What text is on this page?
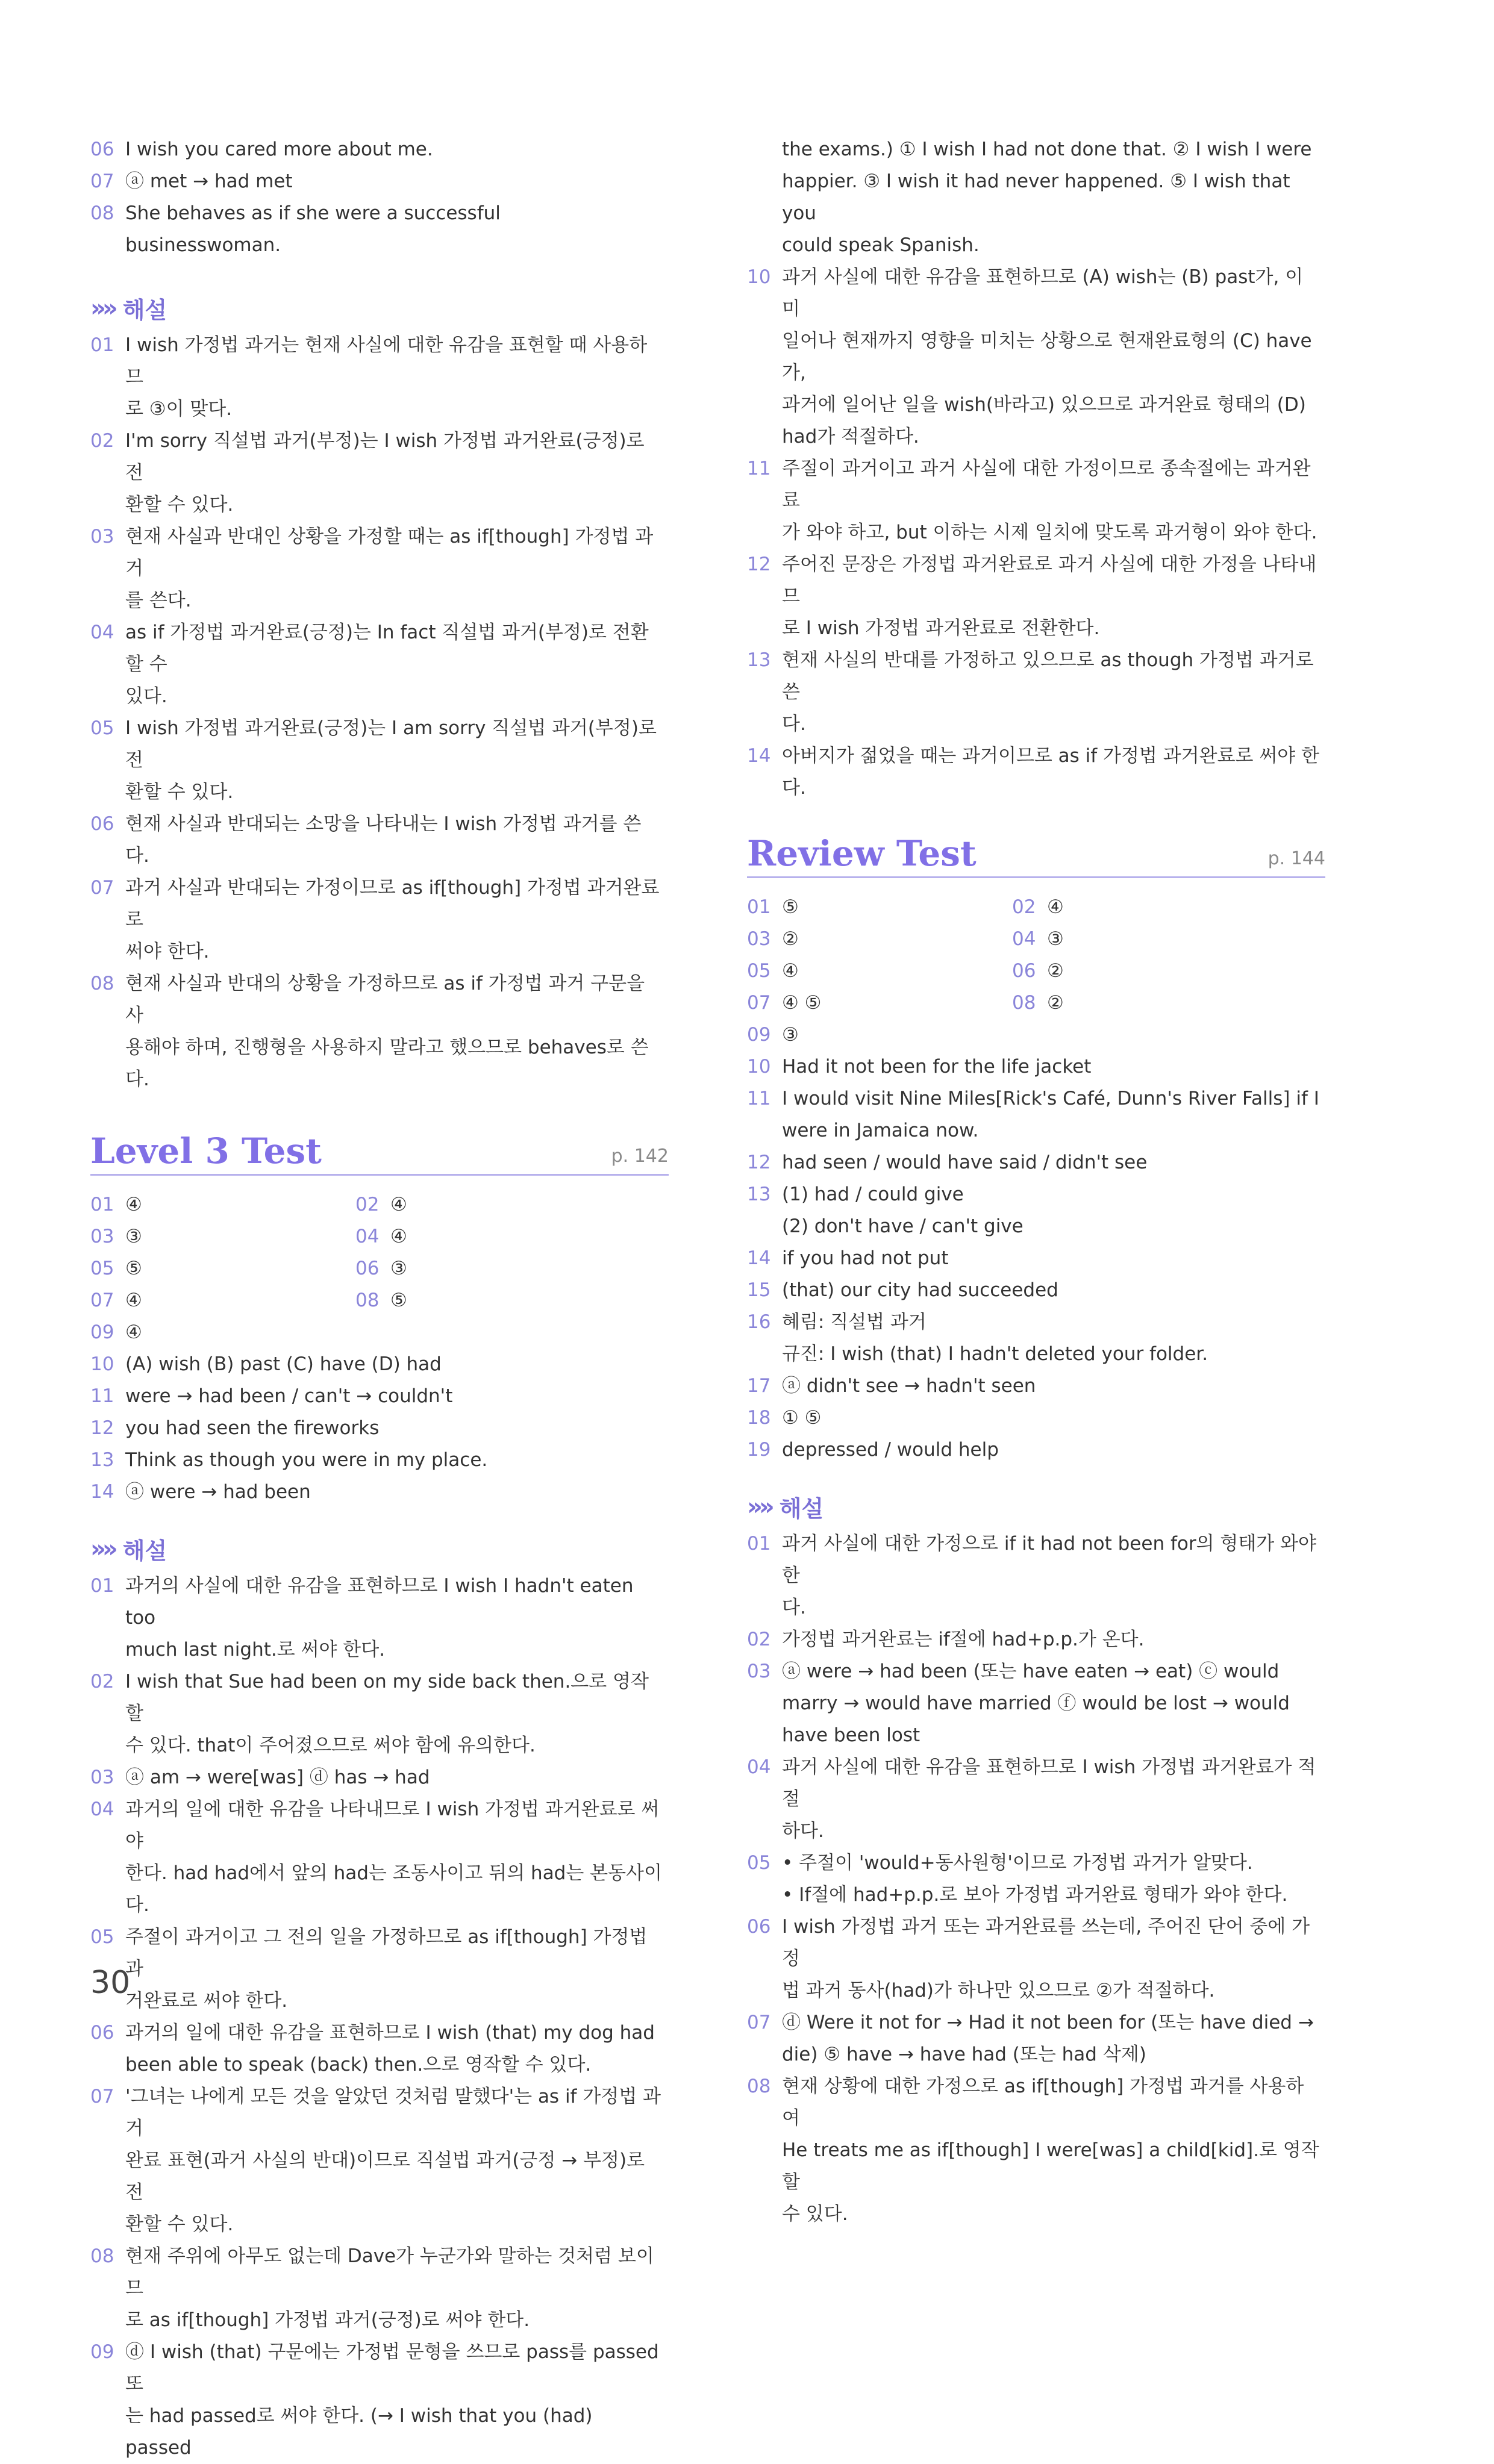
06 I wish you cared more about me.
07 ⓐ met → had met
08 She behaves as if she were a successful
businesswoman.
»» 해설
01 I wish 가정법 과거는 현재 사실에 대한 유감을 표현할 때 사용하므
로 ③이 맞다.
02 I'm sorry 직설법 과거(부정)는 I wish 가정법 과거완료(긍정)로 전
환할 수 있다.
03 현재 사실과 반대인 상황을 가정할 때는 as if[though] 가정법 과거
를 쓴다.
04 as if 가정법 과거완료(긍정)는 In fact 직설법 과거(부정)로 전환할 수
있다.
05 I wish 가정법 과거완료(긍정)는 I am sorry 직설법 과거(부정)로 전
환할 수 있다.
06 현재 사실과 반대되는 소망을 나타내는 I wish 가정법 과거를 쓴다.
07 과거 사실과 반대되는 가정이므로 as if[though] 가정법 과거완료로
써야 한다.
08 현재 사실과 반대의 상황을 가정하므로 as if 가정법 과거 구문을 사
용해야 하며, 진행형을 사용하지 말라고 했으므로 behaves로 쓴다.
Level 3 Test	p. 142
01 ④	02 ④
03 ③	04 ④
05 ⑤	06 ③
07 ④	08 ⑤
09 ④
10 (A) wish (B) past (C) have (D) had
11 were → had been / can't → couldn't
12 you had seen the fireworks
13 Think as though you were in my place.
14 ⓐ were → had been
»» 해설
01 과거의 사실에 대한 유감을 표현하므로 I wish I hadn't eaten too
much last night.로 써야 한다.
02 I wish that Sue had been on my side back then.으로 영작할
수 있다. that이 주어졌으므로 써야 함에 유의한다.
03 ⓐ am → were[was] ⓓ has → had
04 과거의 일에 대한 유감을 나타내므로 I wish 가정법 과거완료로 써야
한다. had had에서 앞의 had는 조동사이고 뒤의 had는 본동사이다.
05 주절이 과거이고 그 전의 일을 가정하므로 as if[though] 가정법 과
거완료로 써야 한다.
06 과거의 일에 대한 유감을 표현하므로 I wish (that) my dog had
been able to speak (back) then.으로 영작할 수 있다.
07 '그녀는 나에게 모든 것을 알았던 것처럼 말했다'는 as if 가정법 과거
완료 표현(과거 사실의 반대)이므로 직설법 과거(긍정 → 부정)로 전
환할 수 있다.
08 현재 주위에 아무도 없는데 Dave가 누군가와 말하는 것처럼 보이므
로 as if[though] 가정법 과거(긍정)로 써야 한다.
09 ⓓ I wish (that) 구문에는 가정법 문형을 쓰므로 pass를 passed 또
는 had passed로 써야 한다. (→ I wish that you (had) passed
the exams.) ① I wish I had not done that. ② I wish I were
happier. ③ I wish it had never happened. ⑤ I wish that you
could speak Spanish.
10 과거 사실에 대한 유감을 표현하므로 (A) wish는 (B) past가, 이미
일어나 현재까지 영향을 미치는 상황으로 현재완료형의 (C) have가,
과거에 일어난 일을 wish(바라고) 있으므로 과거완료 형태의 (D)
had가 적절하다.
11 주절이 과거이고 과거 사실에 대한 가정이므로 종속절에는 과거완료
가 와야 하고, but 이하는 시제 일치에 맞도록 과거형이 와야 한다.
12 주어진 문장은 가정법 과거완료로 과거 사실에 대한 가정을 나타내므
로 I wish 가정법 과거완료로 전환한다.
13 현재 사실의 반대를 가정하고 있으므로 as though 가정법 과거로 쓴
다.
14 아버지가 젊었을 때는 과거이므로 as if 가정법 과거완료로 써야 한다.
Review Test	p. 144
01 ⑤	02 ④
03 ②	04 ③
05 ④	06 ②
07 ④ ⑤	08 ②
09 ③
10 Had it not been for the life jacket
11 I would visit Nine Miles[Rick's Café, Dunn's River Falls] if I
were in Jamaica now.
12 had seen / would have said / didn't see
13 (1) had / could give
(2) don't have / can't give
14 if you had not put
15 (that) our city had succeeded
16 혜림: 직설법 과거
규진: I wish (that) I hadn't deleted your folder.
17 ⓐ didn't see → hadn't seen
18 ① ⑤
19 depressed / would help
»» 해설
01 과거 사실에 대한 가정으로 if it had not been for의 형태가 와야 한
다.
02 가정법 과거완료는 if절에 had+p.p.가 온다.
03 ⓐ were → had been (또는 have eaten → eat) ⓒ would
marry → would have married ⓕ would be lost → would
have been lost
04 과거 사실에 대한 유감을 표현하므로 I wish 가정법 과거완료가 적절
하다.
05 • 주절이 'would+동사원형'이므로 가정법 과거가 알맞다.
• If절에 had+p.p.로 보아 가정법 과거완료 형태가 와야 한다.
06 I wish 가정법 과거 또는 과거완료를 쓰는데, 주어진 단어 중에 가정
법 과거 동사(had)가 하나만 있으므로 ②가 적절하다.
07 ⓓ Were it not for → Had it not been for (또는 have died →
die) ⑤ have → have had (또는 had 삭제)
08 현재 상황에 대한 가정으로 as if[though] 가정법 과거를 사용하여
He treats me as if[though] I were[was] a child[kid].로 영작할
수 있다.
30
